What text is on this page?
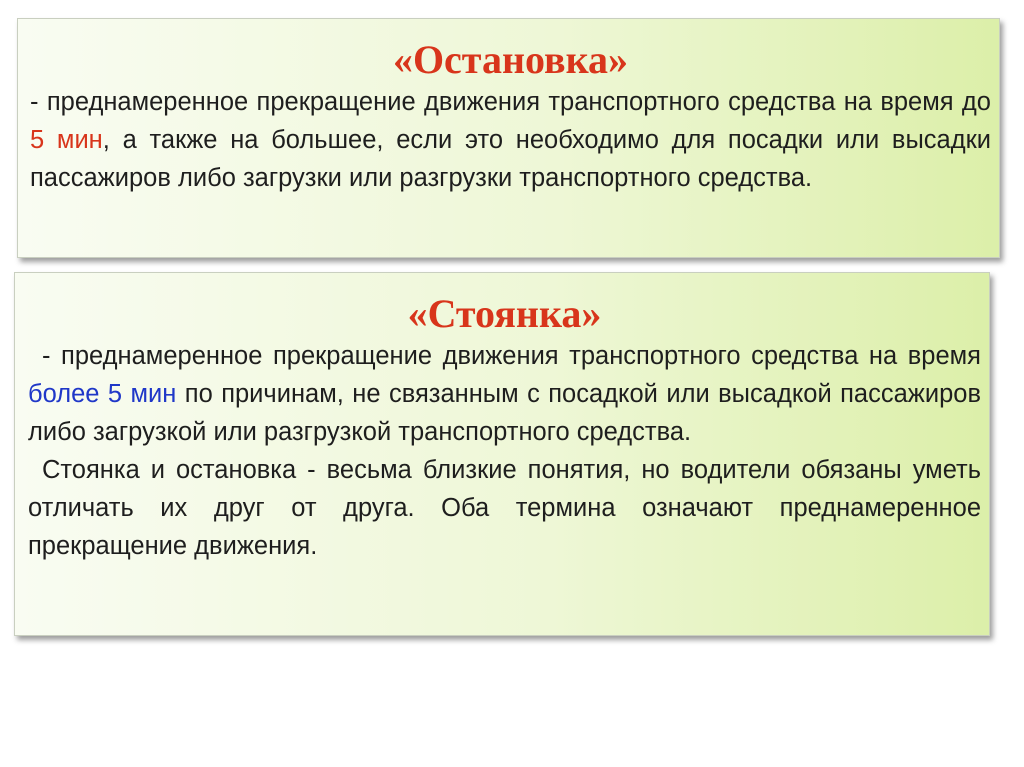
«Остановка»

- преднамеренное прекращение движения транспортного средства на время до 5 мин, а также на большее, если это необходимо для посадки или высадки пассажиров либо загрузки или разгрузки транспортного средства.

«Стоянка»

- преднамеренное прекращение движения транспортного средства на время более 5 мин по причинам, не связанным с посадкой или высадкой пассажиров либо загрузкой или разгрузкой транспортного средства.

Стоянка и остановка - весьма близкие понятия, но водители обязаны уметь отличать их друг от друга. Оба термина означают преднамеренное прекращение движения.
